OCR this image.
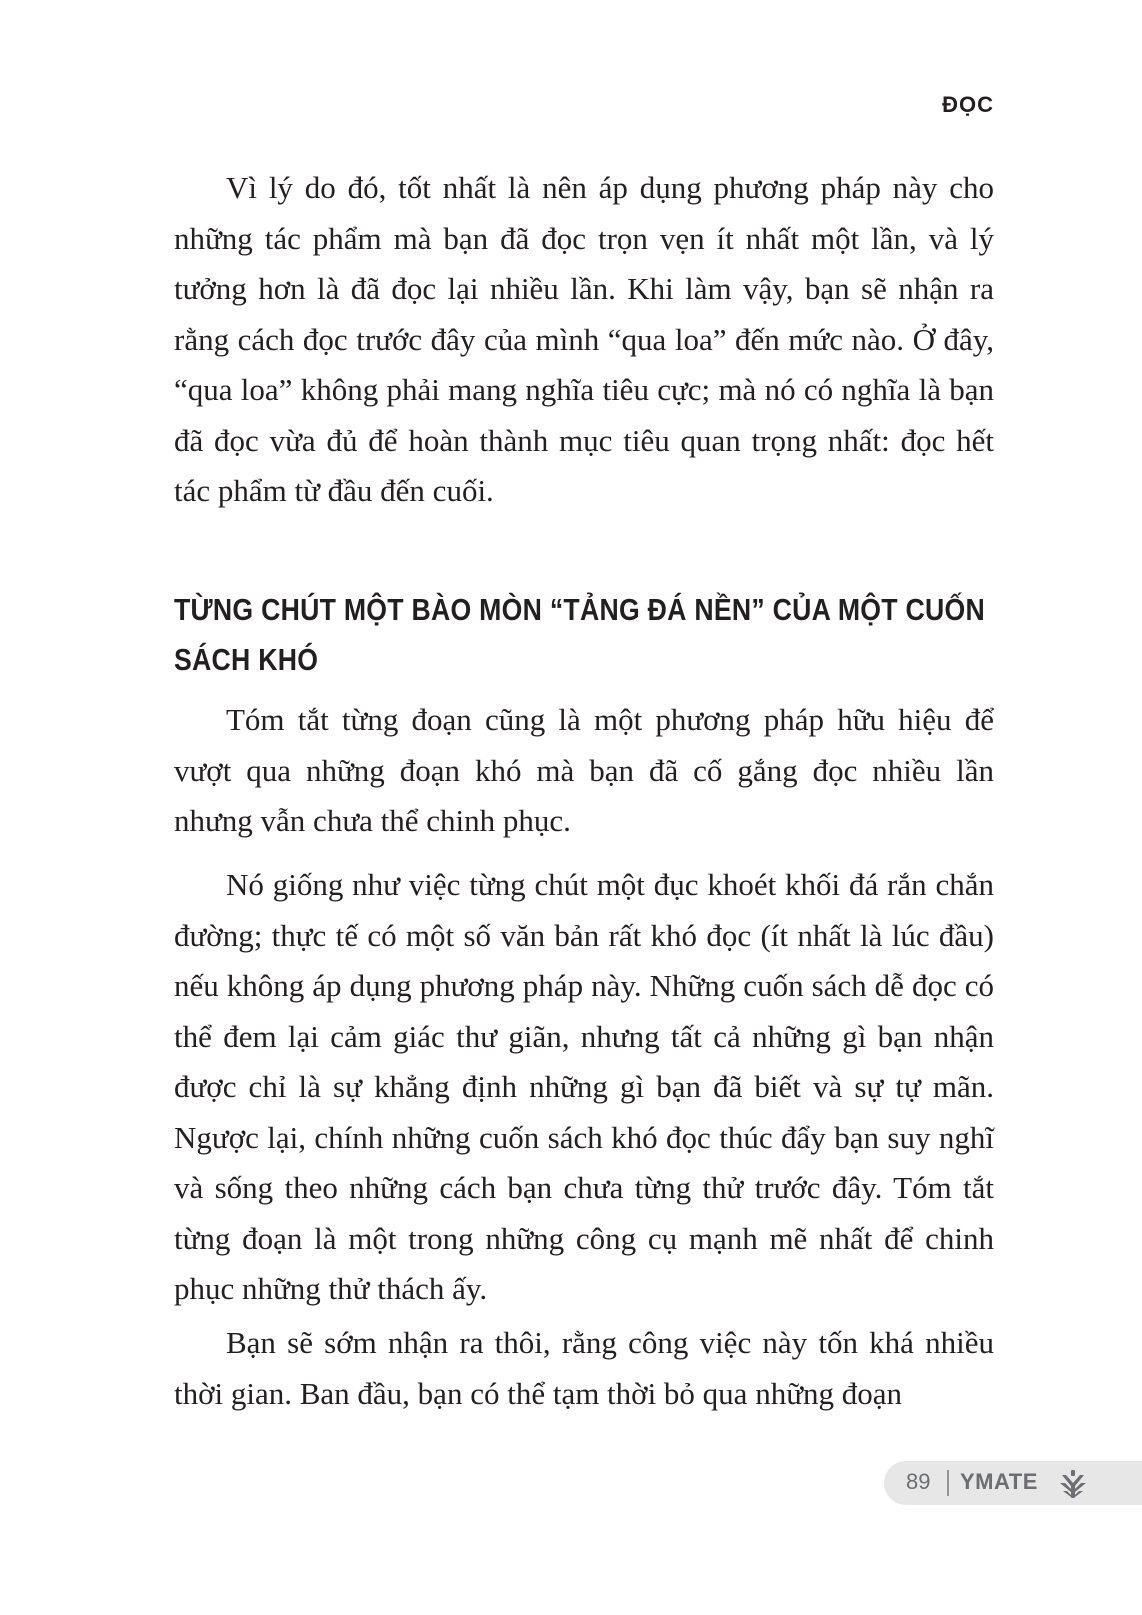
ĐỌC

Vì lý do đó, tốt nhất là nên áp dụng phương pháp này cho những tác phẩm mà bạn đã đọc trọn vẹn ít nhất một lần, và lý tưởng hơn là đã đọc lại nhiều lần. Khi làm vậy, bạn sẽ nhận ra rằng cách đọc trước đây của mình “qua loa” đến mức nào. Ở đây, “qua loa” không phải mang nghĩa tiêu cực; mà nó có nghĩa là bạn đã đọc vừa đủ để hoàn thành mục tiêu quan trọng nhất: đọc hết tác phẩm từ đầu đến cuối.

TỪNG CHÚT MỘT BÀO MÒN “TẢNG ĐÁ NỀN” CỦA MỘT CUỐN SÁCH KHÓ

Tóm tắt từng đoạn cũng là một phương pháp hữu hiệu để vượt qua những đoạn khó mà bạn đã cố gắng đọc nhiều lần nhưng vẫn chưa thể chinh phục.

Nó giống như việc từng chút một đục khoét khối đá rắn chắn đường; thực tế có một số văn bản rất khó đọc (ít nhất là lúc đầu) nếu không áp dụng phương pháp này. Những cuốn sách dễ đọc có thể đem lại cảm giác thư giãn, nhưng tất cả những gì bạn nhận được chỉ là sự khẳng định những gì bạn đã biết và sự tự mãn. Ngược lại, chính những cuốn sách khó đọc thúc đẩy bạn suy nghĩ và sống theo những cách bạn chưa từng thử trước đây. Tóm tắt từng đoạn là một trong những công cụ mạnh mẽ nhất để chinh phục những thử thách ấy.

Bạn sẽ sớm nhận ra thôi, rằng công việc này tốn khá nhiều thời gian. Ban đầu, bạn có thể tạm thời bỏ qua những đoạn

89 YMATE
